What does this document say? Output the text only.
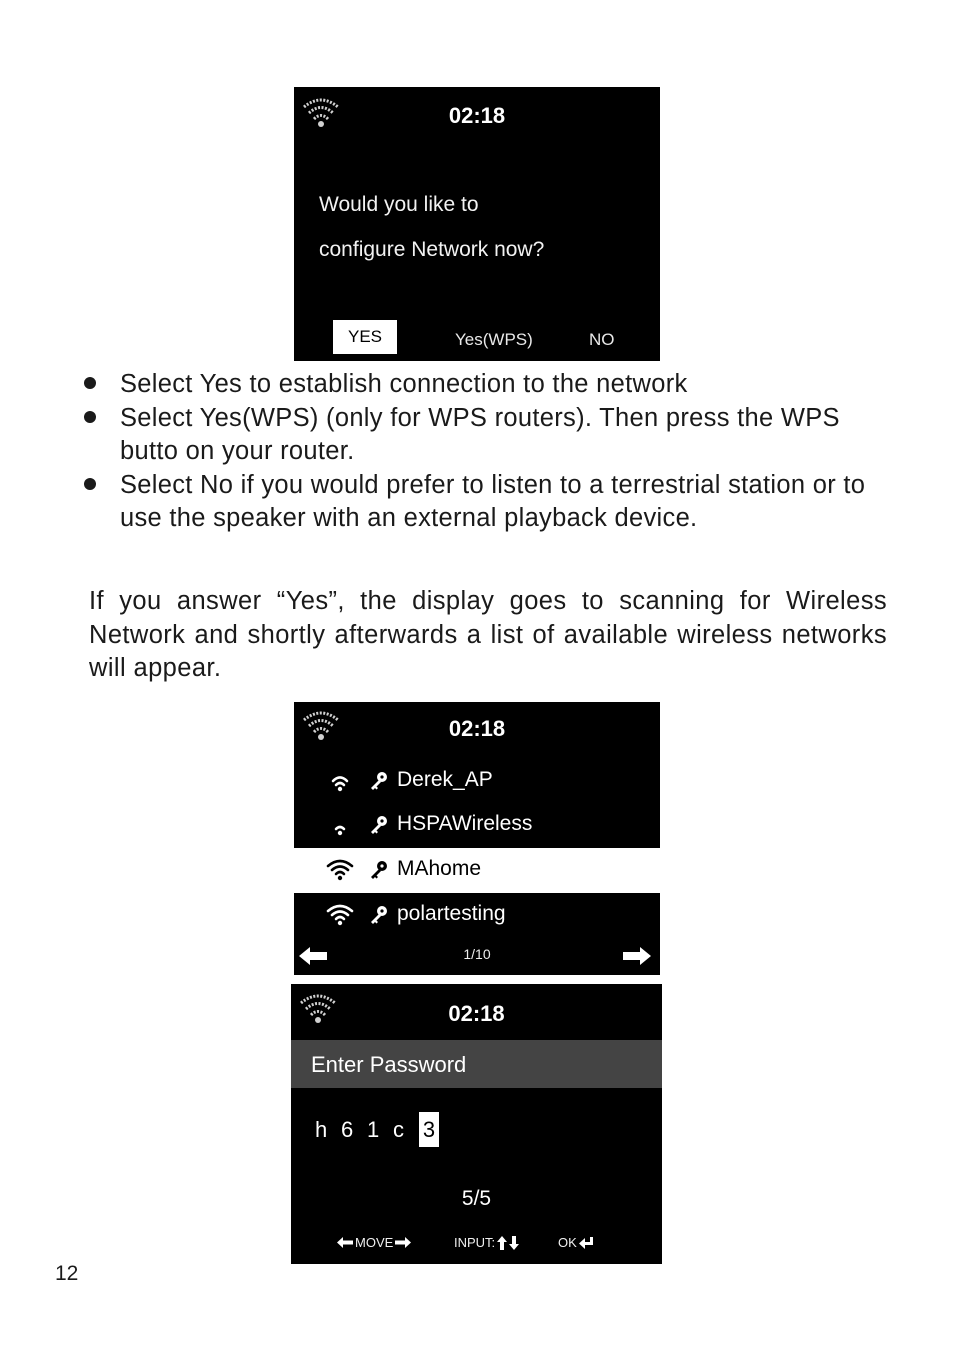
02:18
Would you like to
configure Network now?
YES	Yes(WPS)	NO
Select Yes to establish connection to the network
Select Yes(WPS) (only for WPS routers). Then press the WPS butto on your router.
Select No if you would prefer to listen to a terrestrial station or to use the speaker with an external playback device.

If you answer “Yes”, the display goes to scanning for Wireless Network and shortly afterwards a list of available wireless networks will appear.

02:18
Derek_AP
HSPAWireless
MAhome
polartesting
1/10
02:18
Enter Password
h 6 1 c 3
5/5
MOVE	INPUT:	OK
12
